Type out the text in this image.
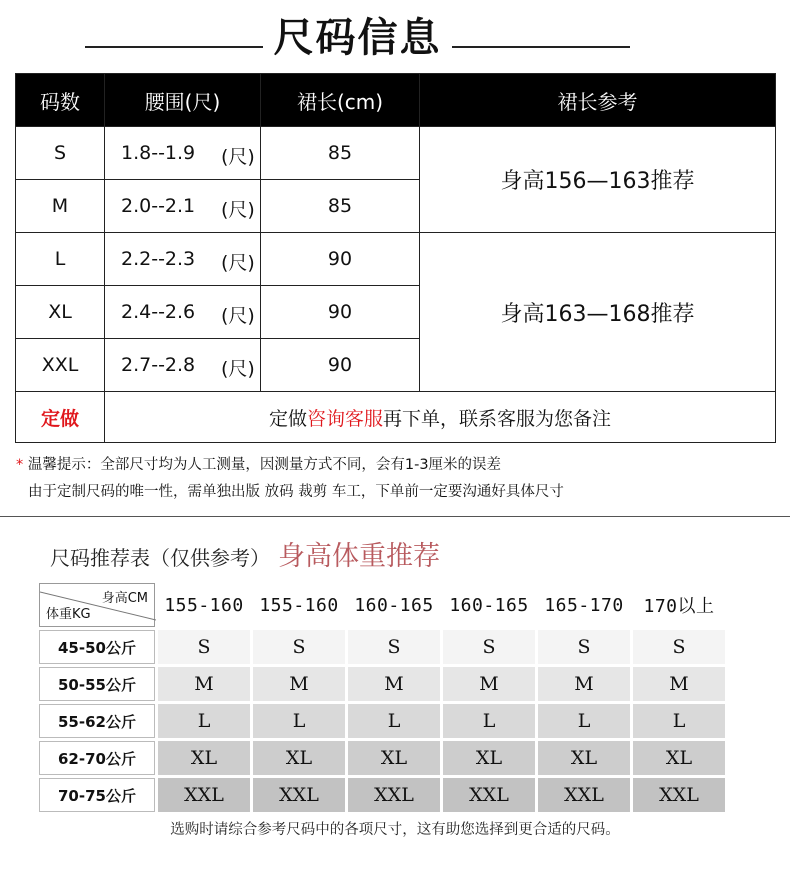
尺码信息
码数	腰围(尺)	裙长(cm)	裙长参考
S	1.8--1.9 (尺)	85	身高156—163推荐
M	2.0--2.1 (尺)	85	
L	2.2--2.3 (尺)	90	身高163—168推荐
XL	2.4--2.6 (尺)	90	
XXL	2.7--2.8 (尺)	90	
定做	定做咨询客服再下单，联系客服为您备注		
* 温馨提示：全部尺寸均为人工测量，因测量方式不同，会有1-3厘米的误差
由于定制尺码的唯一性，需单独出版 放码 裁剪 车工，下单前一定要沟通好具体尺寸
尺码推荐表（仅供参考） 身高体重推荐
身高CM
体重KG	155-160	155-160	160-165	160-165	165-170	170以上
45-50公斤	S	S	S	S	S	S
50-55公斤	M	M	M	M	M	M
55-62公斤	L	L	L	L	L	L
62-70公斤	XL	XL	XL	XL	XL	XL
70-75公斤	XXL	XXL	XXL	XXL	XXL	XXL
选购时请综合参考尺码中的各项尺寸，这有助您选择到更合适的尺码。
